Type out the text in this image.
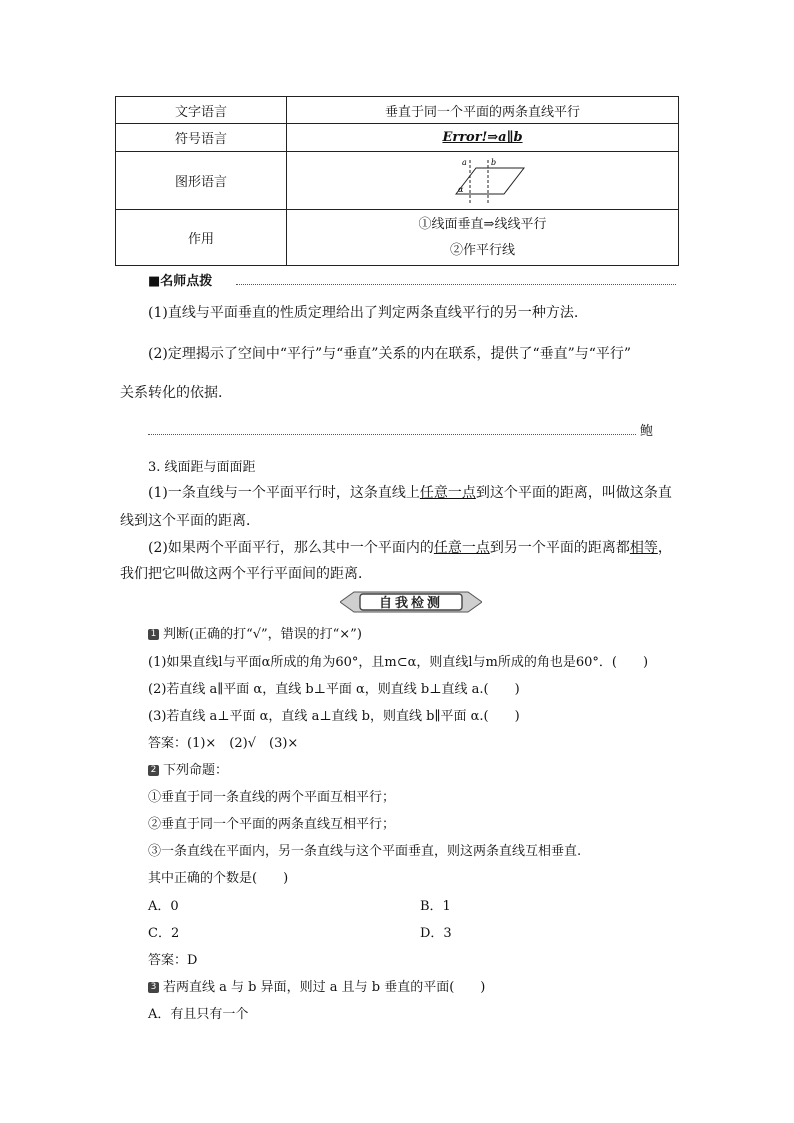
文字语言	垂直于同一个平面的两条直线平行
符号语言	Error!⇒a∥b
图形语言	a b
α

作用	①线面垂直⇒线线平行
②作平行线
■名师点拨
(1)直线与平面垂直的性质定理给出了判定两条直线平行的另一种方法.
(2)定理揭示了空间中“平行”与“垂直”关系的内在联系，提供了“垂直”与“平行”
关系转化的依据.
鲍
3. 线面距与面面距
(1)一条直线与一个平面平行时，这条直线上任意一点到这个平面的距离，叫做这条直
线到这个平面的距离．
(2)如果两个平面平行，那么其中一个平面内的任意一点到另一个平面的距离都相等，
我们把它叫做这两个平行平面间的距离．
自我检测
1 判断(正确的打“√”，错误的打“×”)
(1)如果直线l与平面α所成的角为60°，且m⊂α，则直线l与m所成的角也是60°．(　　)
(2)若直线 a∥平面 α，直线 b⊥平面 α，则直线 b⊥直线 a.(　　)
(3)若直线 a⊥平面 α，直线 a⊥直线 b，则直线 b∥平面 α.(　　)
答案：(1)×　(2)√　(3)×
2 下列命题：
①垂直于同一条直线的两个平面互相平行；
②垂直于同一个平面的两条直线互相平行；
③一条直线在平面内，另一条直线与这个平面垂直，则这两条直线互相垂直.
其中正确的个数是(　　)
A．0	B．1
C．2	D．3
答案：D
3 若两直线 a 与 b 异面，则过 a 且与 b 垂直的平面(　　)
A．有且只有一个
